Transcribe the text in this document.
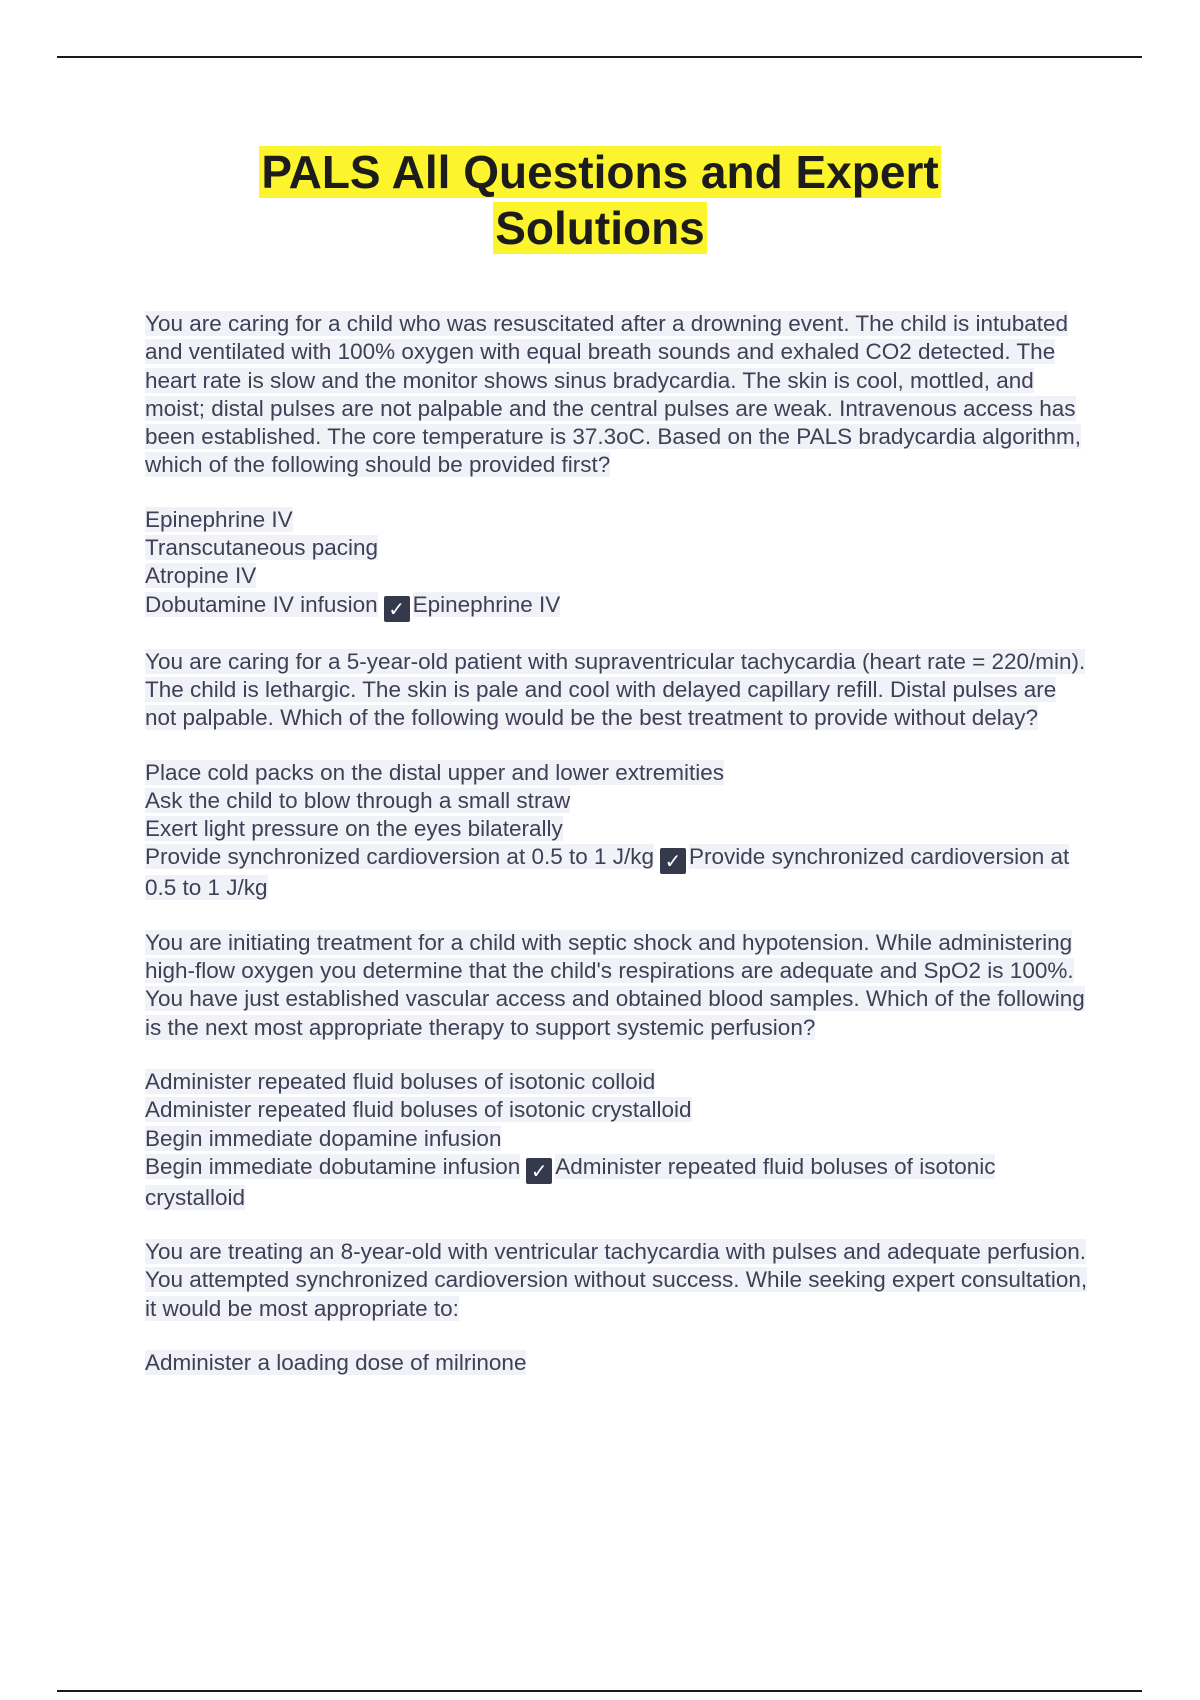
PALS All Questions and Expert
Solutions
You are caring for a child who was resuscitated after a drowning event. The child is intubated and ventilated with 100% oxygen with equal breath sounds and exhaled CO2 detected. The heart rate is slow and the monitor shows sinus bradycardia. The skin is cool, mottled, and moist; distal pulses are not palpable and the central pulses are weak. Intravenous access has been established. The core temperature is 37.3oC. Based on the PALS bradycardia algorithm, which of the following should be provided first?
Epinephrine IV
Transcutaneous pacing
Atropine IV
Dobutamine IV infusion ✓ Epinephrine IV
You are caring for a 5-year-old patient with supraventricular tachycardia (heart rate = 220/min). The child is lethargic. The skin is pale and cool with delayed capillary refill. Distal pulses are not palpable. Which of the following would be the best treatment to provide without delay?
Place cold packs on the distal upper and lower extremities
Ask the child to blow through a small straw
Exert light pressure on the eyes bilaterally
Provide synchronized cardioversion at 0.5 to 1 J/kg ✓ Provide synchronized cardioversion at 0.5 to 1 J/kg
You are initiating treatment for a child with septic shock and hypotension. While administering high-flow oxygen you determine that the child's respirations are adequate and SpO2 is 100%. You have just established vascular access and obtained blood samples. Which of the following is the next most appropriate therapy to support systemic perfusion?
Administer repeated fluid boluses of isotonic colloid
Administer repeated fluid boluses of isotonic crystalloid
Begin immediate dopamine infusion
Begin immediate dobutamine infusion ✓ Administer repeated fluid boluses of isotonic crystalloid
You are treating an 8-year-old with ventricular tachycardia with pulses and adequate perfusion. You attempted synchronized cardioversion without success. While seeking expert consultation, it would be most appropriate to:
Administer a loading dose of milrinone
